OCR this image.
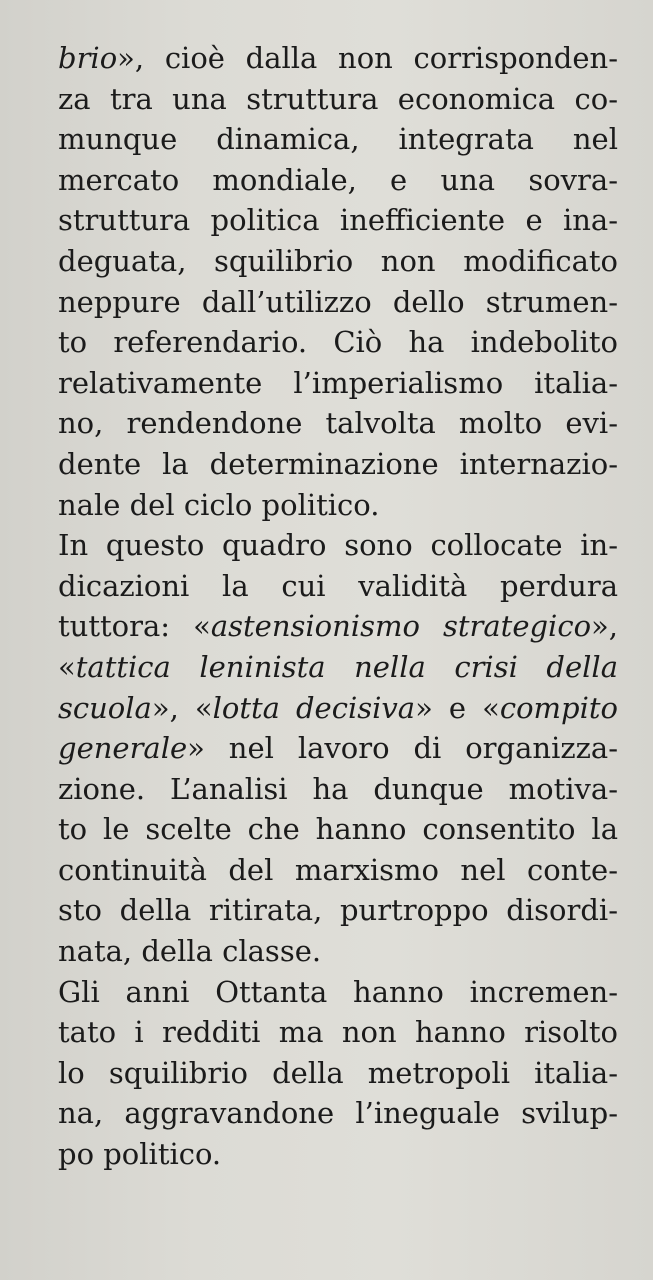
brio», cioè dalla non corrisponden-
za tra una struttura economica co-
munque dinamica, integrata nel
mercato mondiale, e una sovra-
struttura politica inefficiente e ina-
deguata, squilibrio non modificato
neppure dall’utilizzo dello strumen-
to referendario. Ciò ha indebolito
relativamente l’imperialismo italia-
no, rendendone talvolta molto evi-
dente la determinazione internazio-
nale del ciclo politico.
In questo quadro sono collocate in-
dicazioni la cui validità perdura
tuttora: «astensionismo strategico»,
«tattica leninista nella crisi della
scuola», «lotta decisiva» e «compito
generale» nel lavoro di organizza-
zione. L’analisi ha dunque motiva-
to le scelte che hanno consentito la
continuità del marxismo nel conte-
sto della ritirata, purtroppo disordi-
nata, della classe.
Gli anni Ottanta hanno incremen-
tato i redditi ma non hanno risolto
lo squilibrio della metropoli italia-
na, aggravandone l’ineguale svilup-
po politico.
